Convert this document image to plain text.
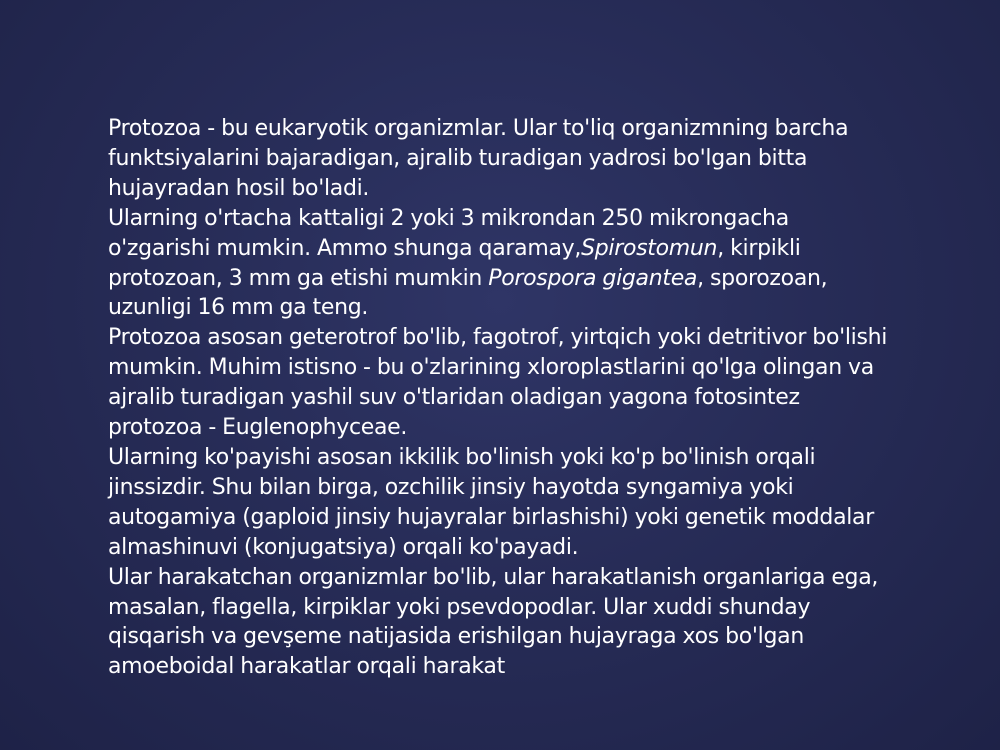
Protozoa - bu eukaryotik organizmlar. Ular to'liq organizmning barcha funktsiyalarini bajaradigan, ajralib turadigan yadrosi bo'lgan bitta hujayradan hosil bo'ladi.

Ularning o'rtacha kattaligi 2 yoki 3 mikrondan 250 mikrongacha o'zgarishi mumkin. Ammo shunga qaramay,Spirostomun, kirpikli protozoan, 3 mm ga etishi mumkin Porospora gigantea, sporozoan, uzunligi 16 mm ga teng.

Protozoa asosan geterotrof bo'lib, fagotrof, yirtqich yoki detritivor bo'lishi mumkin. Muhim istisno - bu o'zlarining xloroplastlarini qo'lga olingan va ajralib turadigan yashil suv o'tlaridan oladigan yagona fotosintez protozoa - Euglenophyceae.

Ularning ko'payishi asosan ikkilik bo'linish yoki ko'p bo'linish orqali jinssizdir. Shu bilan birga, ozchilik jinsiy hayotda syngamiya yoki autogamiya (gaploid jinsiy hujayralar birlashishi) yoki genetik moddalar almashinuvi (konjugatsiya) orqali ko'payadi.

Ular harakatchan organizmlar bo'lib, ular harakatlanish organlariga ega, masalan, flagella, kirpiklar yoki psevdopodlar. Ular xuddi shunday qisqarish va gevşeme natijasida erishilgan hujayraga xos bo'lgan amoeboidal harakatlar orqali harakat
